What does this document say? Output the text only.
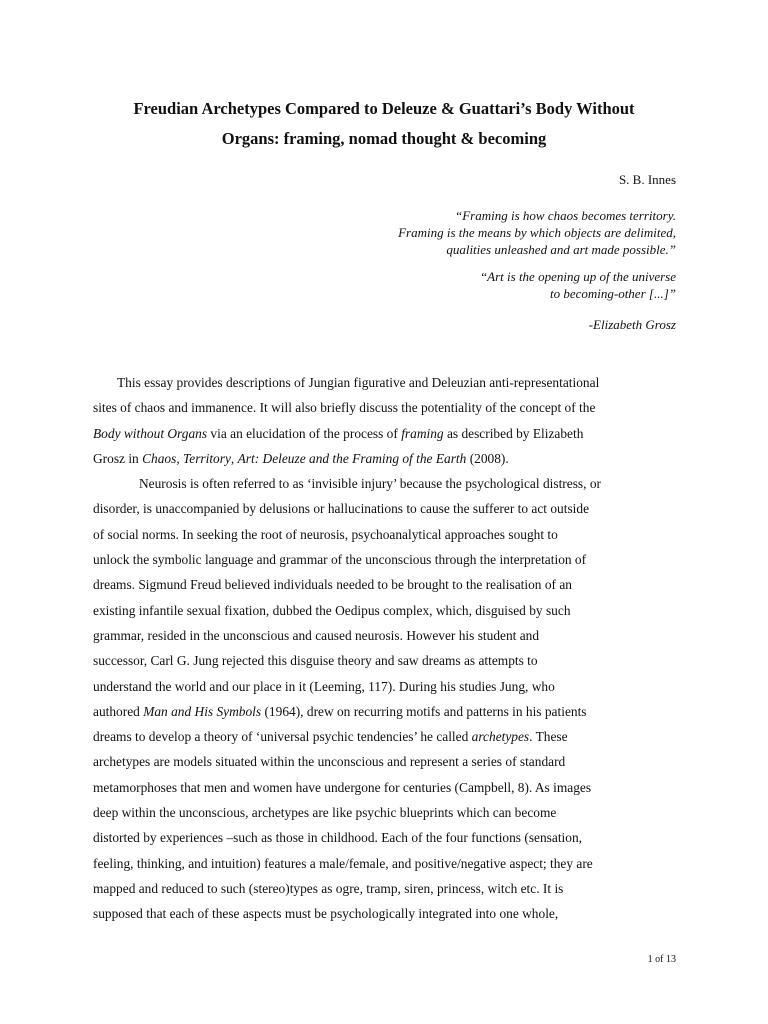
Freudian Archetypes Compared to Deleuze & Guattari’s Body Without
Organs: framing, nomad thought & becoming
S. B. Innes
“Framing is how chaos becomes territory.
Framing is the means by which objects are delimited,
qualities unleashed and art made possible.”
“Art is the opening up of the universe
to becoming-other [...]”
-Elizabeth Grosz
This essay provides descriptions of Jungian figurative and Deleuzian anti-representational
sites of chaos and immanence. It will also briefly discuss the potentiality of the concept of the
Body without Organs via an elucidation of the process of framing as described by Elizabeth
Grosz in Chaos, Territory, Art: Deleuze and the Framing of the Earth (2008).
Neurosis is often referred to as ‘invisible injury’ because the psychological distress, or
disorder, is unaccompanied by delusions or hallucinations to cause the sufferer to act outside
of social norms. In seeking the root of neurosis, psychoanalytical approaches sought to
unlock the symbolic language and grammar of the unconscious through the interpretation of
dreams. Sigmund Freud believed individuals needed to be brought to the realisation of an
existing infantile sexual fixation, dubbed the Oedipus complex, which, disguised by such
grammar, resided in the unconscious and caused neurosis. However his student and
successor, Carl G. Jung rejected this disguise theory and saw dreams as attempts to
understand the world and our place in it (Leeming, 117). During his studies Jung, who
authored Man and His Symbols (1964), drew on recurring motifs and patterns in his patients
dreams to develop a theory of ‘universal psychic tendencies’ he called archetypes. These
archetypes are models situated within the unconscious and represent a series of standard
metamorphoses that men and women have undergone for centuries (Campbell, 8). As images
deep within the unconscious, archetypes are like psychic blueprints which can become
distorted by experiences –such as those in childhood. Each of the four functions (sensation,
feeling, thinking, and intuition) features a male/female, and positive/negative aspect; they are
mapped and reduced to such (stereo)types as ogre, tramp, siren, princess, witch etc. It is
supposed that each of these aspects must be psychologically integrated into one whole,
1 of 13
